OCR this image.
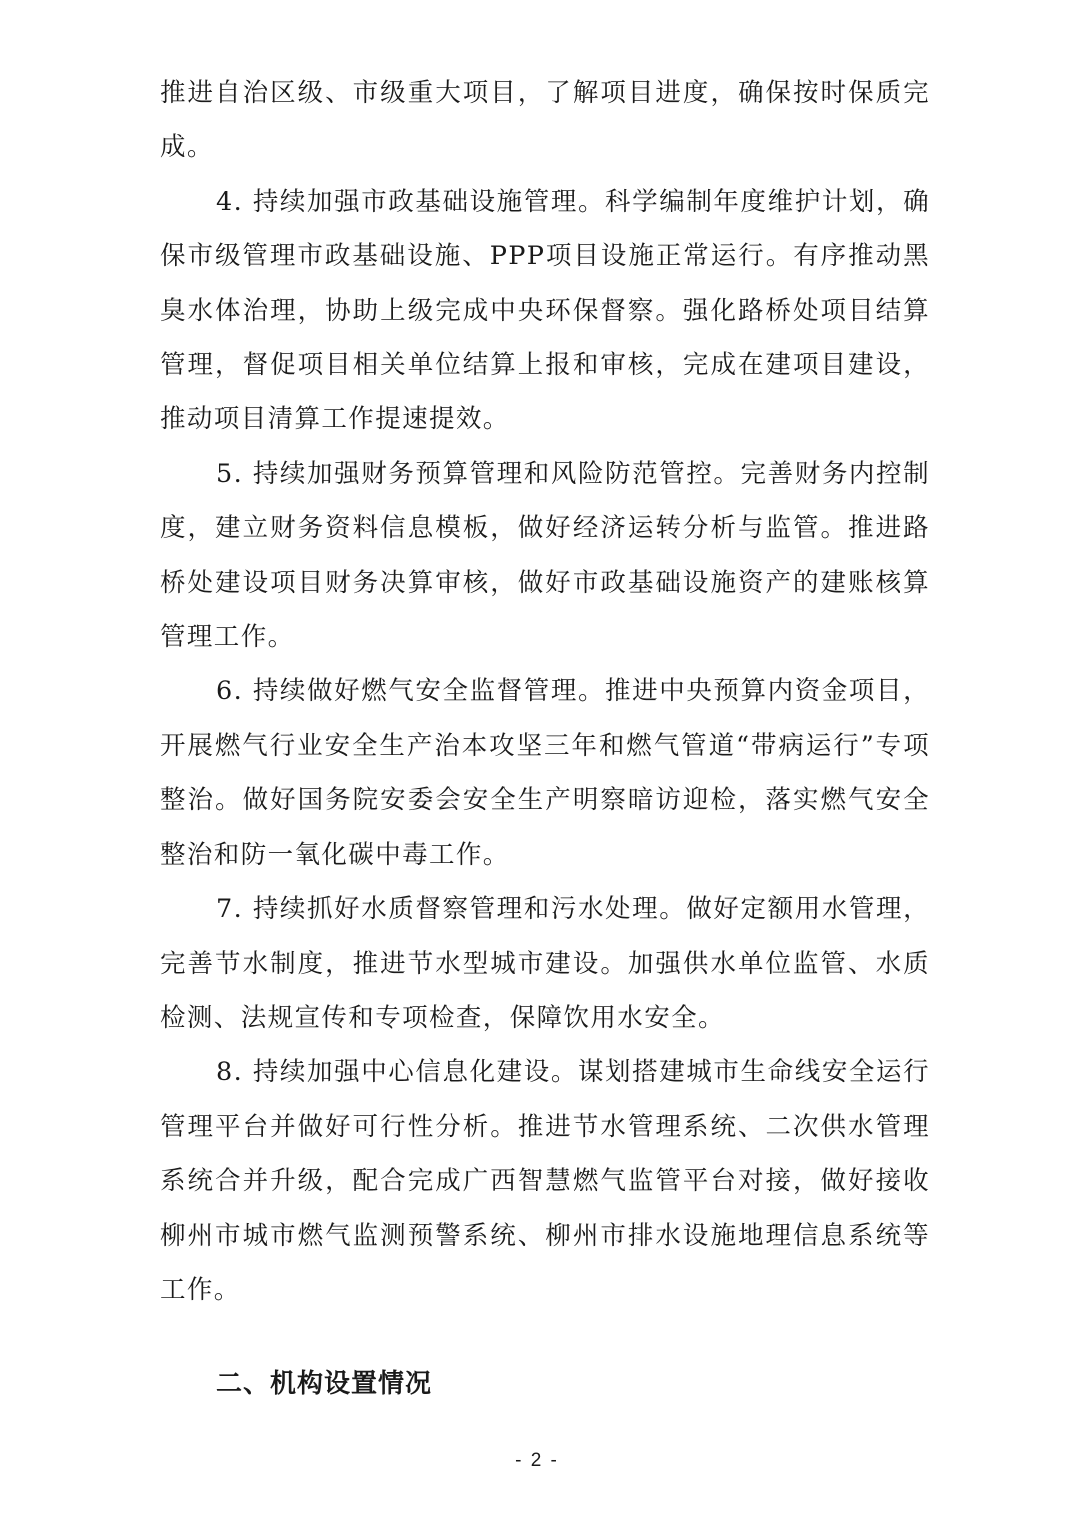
推进自治区级、市级重大项目，了解项目进度，确保按时保质完成。

4. 持续加强市政基础设施管理。科学编制年度维护计划，确保市级管理市政基础设施、PPP项目设施正常运行。有序推动黑臭水体治理，协助上级完成中央环保督察。强化路桥处项目结算管理，督促项目相关单位结算上报和审核，完成在建项目建设，推动项目清算工作提速提效。

5. 持续加强财务预算管理和风险防范管控。完善财务内控制度，建立财务资料信息模板，做好经济运转分析与监管。推进路桥处建设项目财务决算审核，做好市政基础设施资产的建账核算管理工作。

6. 持续做好燃气安全监督管理。推进中央预算内资金项目，开展燃气行业安全生产治本攻坚三年和燃气管道“带病运行”专项整治。做好国务院安委会安全生产明察暗访迎检，落实燃气安全整治和防一氧化碳中毒工作。

7. 持续抓好水质督察管理和污水处理。做好定额用水管理，完善节水制度，推进节水型城市建设。加强供水单位监管、水质检测、法规宣传和专项检查，保障饮用水安全。

8. 持续加强中心信息化建设。谋划搭建城市生命线安全运行管理平台并做好可行性分析。推进节水管理系统、二次供水管理系统合并升级，配合完成广西智慧燃气监管平台对接，做好接收柳州市城市燃气监测预警系统、柳州市排水设施地理信息系统等工作。

二、机构设置情况
- 2 -
